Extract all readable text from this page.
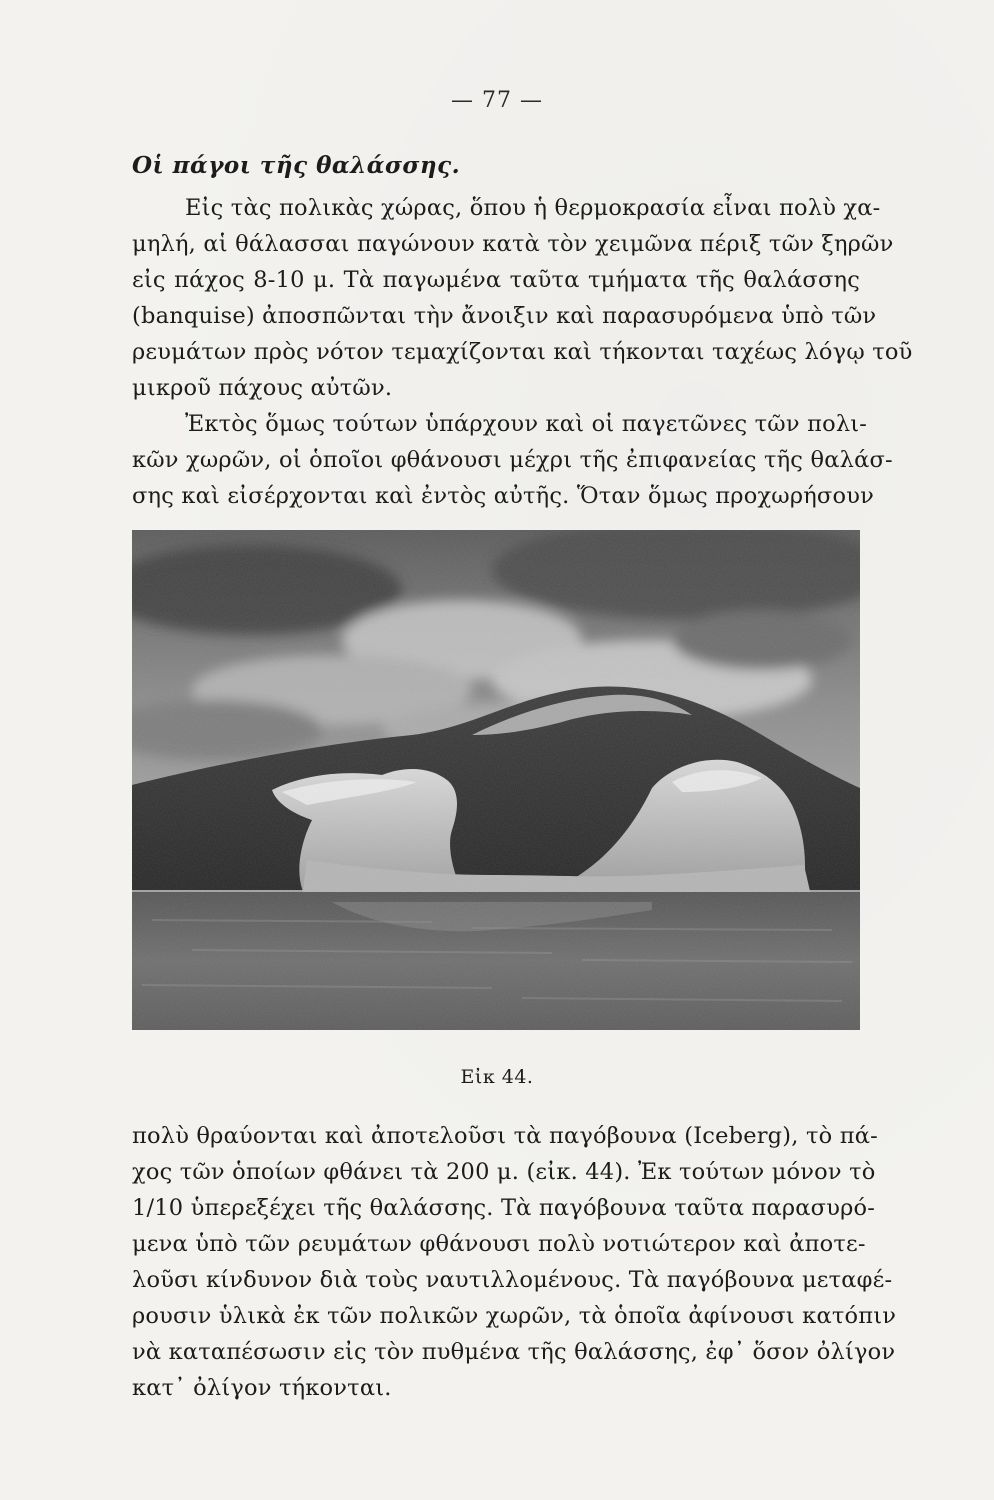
— 77 —
Οἱ πάγοι τῆς θαλάσσης.
Εἰς τὰς πολικὰς χώρας, ὅπου ἡ θερμοκρασία εἶναι πολὺ χα-
μηλή, αἱ θάλασσαι παγώνουν κατὰ τὸν χειμῶνα πέριξ τῶν ξηρῶν
εἰς πάχος 8-10 μ. Τὰ παγωμένα ταῦτα τμήματα τῆς θαλάσσης
(banquise) ἀποσπῶνται τὴν ἄνοιξιν καὶ παρασυρόμενα ὑπὸ τῶν
ρευμάτων πρὸς νότον τεμαχίζονται καὶ τήκονται ταχέως λόγῳ τοῦ
μικροῦ πάχους αὐτῶν.
Ἐκτὸς ὅμως τούτων ὑπάρχουν καὶ οἱ παγετῶνες τῶν πολι-
κῶν χωρῶν, οἱ ὁποῖοι φθάνουσι μέχρι τῆς ἐπιφανείας τῆς θαλάσ-
σης καὶ εἰσέρχονται καὶ ἐντὸς αὐτῆς. Ὅταν ὅμως προχωρήσουν
Εἰκ 44.
πολὺ θραύονται καὶ ἀποτελοῦσι τὰ παγόβουνα (Iceberg), τὸ πά-
χος τῶν ὁποίων φθάνει τὰ 200 μ. (εἰκ. 44). Ἐκ τούτων μόνον τὸ
1/10 ὑπερεξέχει τῆς θαλάσσης. Τὰ παγόβουνα ταῦτα παρασυρό-
μενα ὑπὸ τῶν ρευμάτων φθάνουσι πολὺ νοτιώτερον καὶ ἀποτε-
λοῦσι κίνδυνον διὰ τοὺς ναυτιλλομένους. Τὰ παγόβουνα μεταφέ-
ρουσιν ὑλικὰ ἐκ τῶν πολικῶν χωρῶν, τὰ ὁποῖα ἀφίνουσι κατόπιν
νὰ καταπέσωσιν εἰς τὸν πυθμένα τῆς θαλάσσης, ἐφ᾽ ὅσον ὀλίγον
κατ᾽ ὀλίγον τήκονται.
